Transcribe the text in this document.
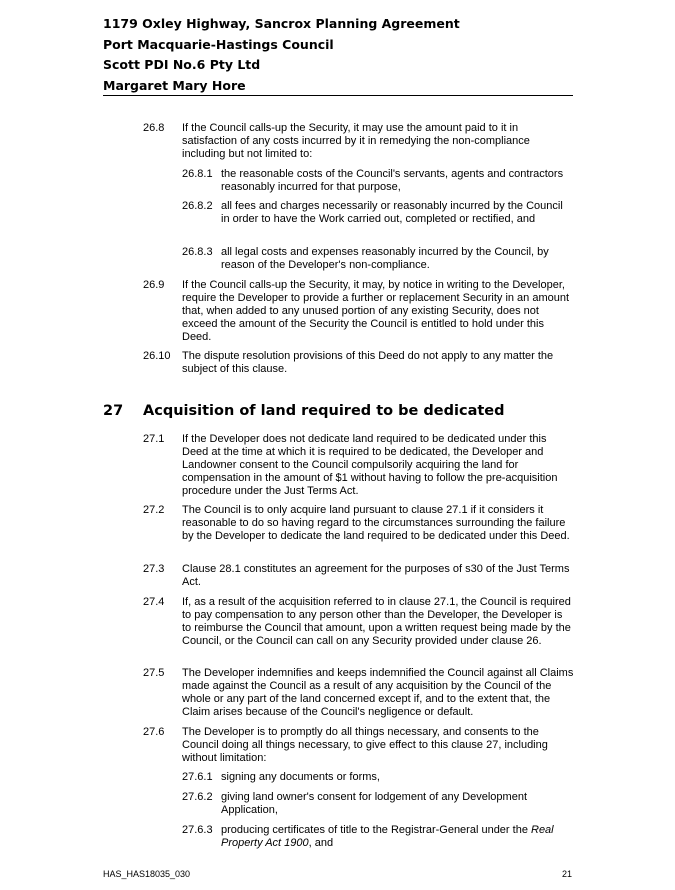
1179 Oxley Highway, Sancrox Planning Agreement
Port Macquarie-Hastings Council
Scott PDI No.6 Pty Ltd
Margaret Mary Hore
26.8 If the Council calls-up the Security, it may use the amount paid to it in satisfaction of any costs incurred by it in remedying the non-compliance including but not limited to:
26.8.1 the reasonable costs of the Council's servants, agents and contractors reasonably incurred for that purpose,
26.8.2 all fees and charges necessarily or reasonably incurred by the Council in order to have the Work carried out, completed or rectified, and
26.8.3 all legal costs and expenses reasonably incurred by the Council, by reason of the Developer's non-compliance.
26.9 If the Council calls-up the Security, it may, by notice in writing to the Developer, require the Developer to provide a further or replacement Security in an amount that, when added to any unused portion of any existing Security, does not exceed the amount of the Security the Council is entitled to hold under this Deed.
26.10 The dispute resolution provisions of this Deed do not apply to any matter the subject of this clause.
27 Acquisition of land required to be dedicated
27.1 If the Developer does not dedicate land required to be dedicated under this Deed at the time at which it is required to be dedicated, the Developer and Landowner consent to the Council compulsorily acquiring the land for compensation in the amount of $1 without having to follow the pre-acquisition procedure under the Just Terms Act.
27.2 The Council is to only acquire land pursuant to clause 27.1 if it considers it reasonable to do so having regard to the circumstances surrounding the failure by the Developer to dedicate the land required to be dedicated under this Deed.
27.3 Clause 28.1 constitutes an agreement for the purposes of s30 of the Just Terms Act.
27.4 If, as a result of the acquisition referred to in clause 27.1, the Council is required to pay compensation to any person other than the Developer, the Developer is to reimburse the Council that amount, upon a written request being made by the Council, or the Council can call on any Security provided under clause 26.
27.5 The Developer indemnifies and keeps indemnified the Council against all Claims made against the Council as a result of any acquisition by the Council of the whole or any part of the land concerned except if, and to the extent that, the Claim arises because of the Council's negligence or default.
27.6 The Developer is to promptly do all things necessary, and consents to the Council doing all things necessary, to give effect to this clause 27, including without limitation:
27.6.1 signing any documents or forms,
27.6.2 giving land owner's consent for lodgement of any Development Application,
27.6.3 producing certificates of title to the Registrar-General under the Real Property Act 1900, and
HAS_HAS18035_030	21
